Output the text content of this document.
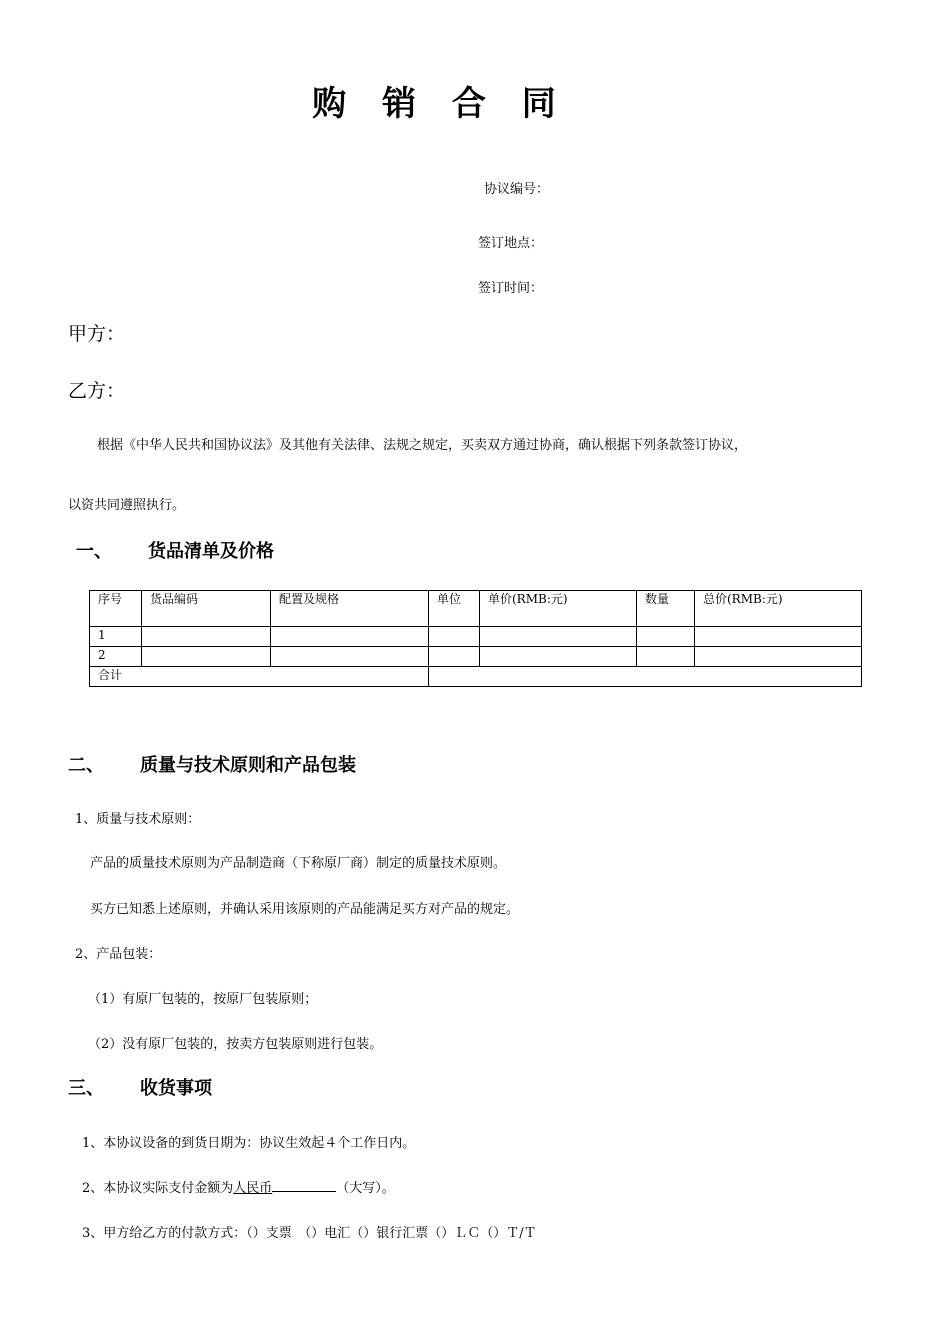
购 销 合 同
协议编号：
签订地点：
签订时间：
甲方：
乙方：
根据《中华人民共和国协议法》及其他有关法律、法规之规定，买卖双方通过协商，确认根据下列条款签订协议，
以资共同遵照执行。
一、 货品清单及价格
序号	货品编码	配置及规格	单位	单价(RMB:元)	数量	总价(RMB:元)
1						
2						
合计						
二、 质量与技术原则和产品包装
1、质量与技术原则：
产品的质量技术原则为产品制造商（下称原厂商）制定的质量技术原则。
买方已知悉上述原则，并确认采用该原则的产品能满足买方对产品的规定。
2、产品包装：
（1）有原厂包装的，按原厂包装原则；
（2）没有原厂包装的，按卖方包装原则进行包装。
三、 收货事项
1、本协议设备的到货日期为：协议生效起４个工作日内。
2、本协议实际支付金额为人民币	（大写）。
3、甲方给乙方的付款方式：（）支票　（）电汇（）银行汇票（）ＬＣ（）Ｔ/Ｔ
